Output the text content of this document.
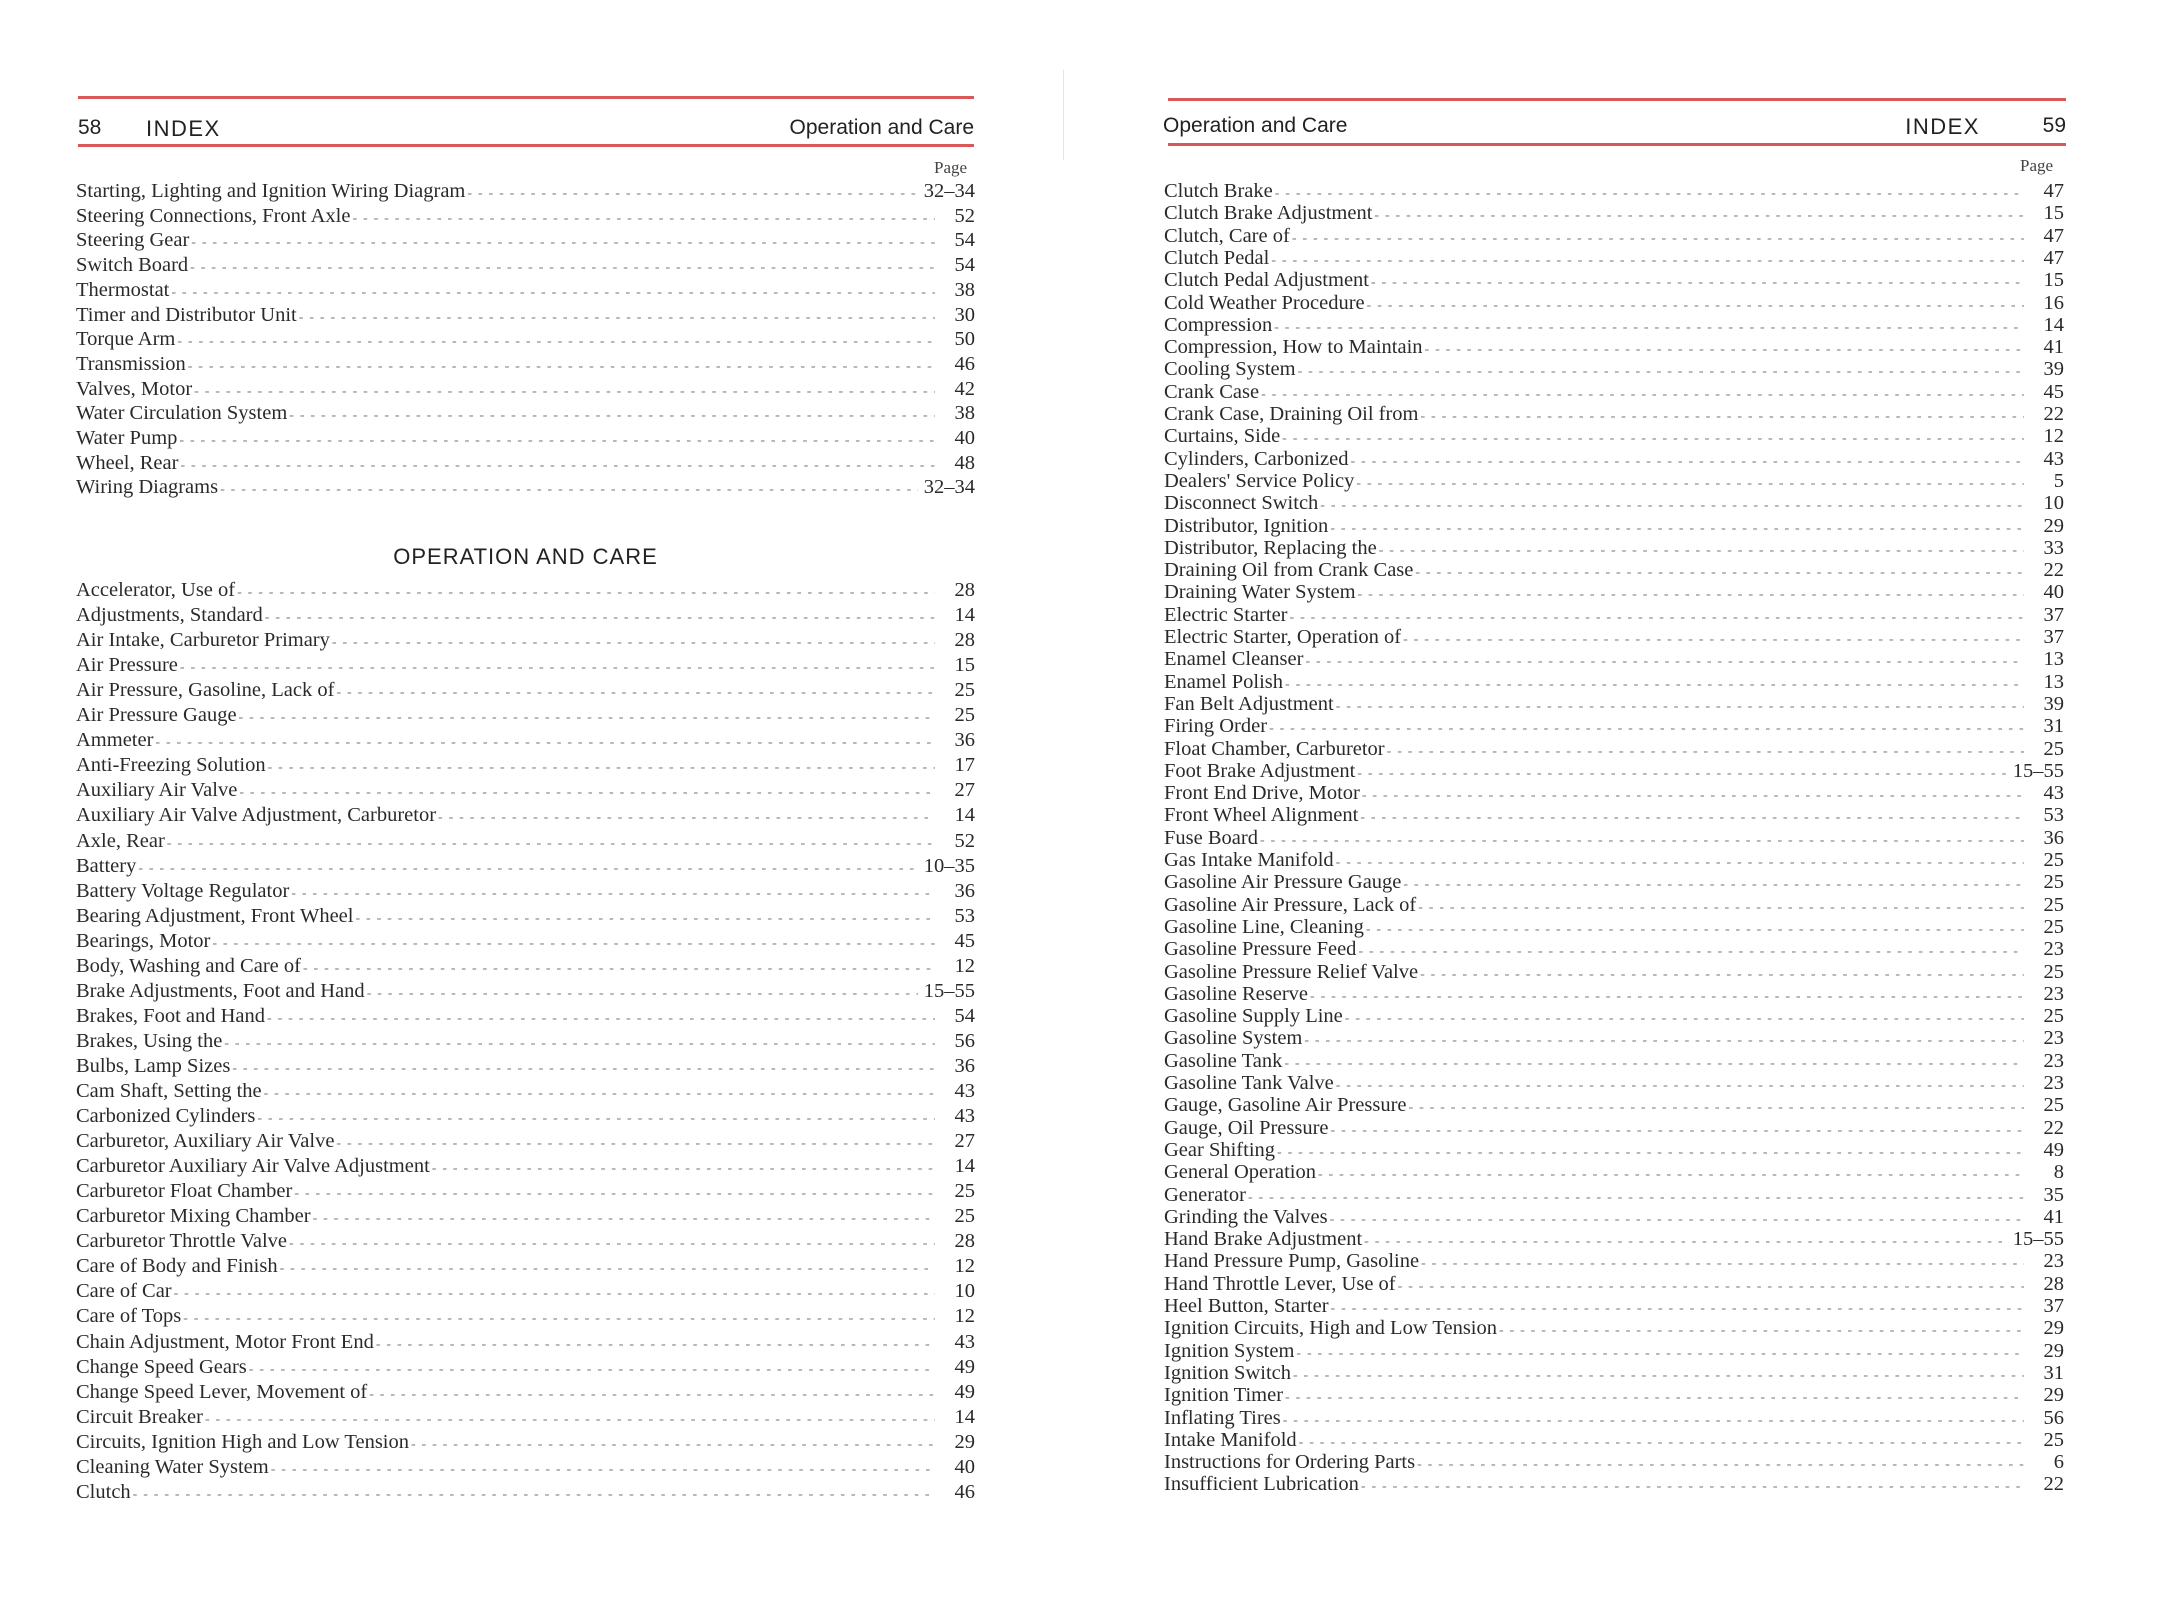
58 INDEX	Operation and Care
Page
Starting, Lighting and Ignition Wiring Diagram - - -	32–34
Steering Connections, Front Axle - - -	52
Steering Gear - - -	54
Switch Board - - -	54
Thermostat - - -	38
Timer and Distributor Unit - - -	30
Torque Arm - - -	50
Transmission - - -	46
Valves, Motor - - -	42
Water Circulation System - - -	38
Water Pump - - -	40
Wheel, Rear - - -	48
Wiring Diagrams - - -	32–34
OPERATION AND CARE
Accelerator, Use of - - -	28
Adjustments, Standard - - -	14
Air Intake, Carburetor Primary - - -	28
Air Pressure - - -	15
Air Pressure, Gasoline, Lack of - - -	25
Air Pressure Gauge - - -	25
Ammeter - - -	36
Anti-Freezing Solution - - -	17
Auxiliary Air Valve - - -	27
Auxiliary Air Valve Adjustment, Carburetor - - -	14
Axle, Rear - - -	52
Battery - - -	10–35
Battery Voltage Regulator - - -	36
Bearing Adjustment, Front Wheel - - -	53
Bearings, Motor - - -	45
Body, Washing and Care of - - -	12
Brake Adjustments, Foot and Hand - - -	15–55
Brakes, Foot and Hand - - -	54
Brakes, Using the - - -	56
Bulbs, Lamp Sizes - - -	36
Cam Shaft, Setting the - - -	43
Carbonized Cylinders - - -	43
Carburetor, Auxiliary Air Valve - - -	27
Carburetor Auxiliary Air Valve Adjustment - - -	14
Carburetor Float Chamber - - -	25
Carburetor Mixing Chamber - - -	25
Carburetor Throttle Valve - - -	28
Care of Body and Finish - - -	12
Care of Car - - -	10
Care of Tops - - -	12
Chain Adjustment, Motor Front End - - -	43
Change Speed Gears - - -	49
Change Speed Lever, Movement of - - -	49
Circuit Breaker - - -	14
Circuits, Ignition High and Low Tension - - -	29
Cleaning Water System - - -	40
Clutch - - -	46
Operation and Care	INDEX	59
Page
Clutch Brake - - -	47
Clutch Brake Adjustment - - -	15
Clutch, Care of - - -	47
Clutch Pedal - - -	47
Clutch Pedal Adjustment - - -	15
Cold Weather Procedure - - -	16
Compression - - -	14
Compression, How to Maintain - - -	41
Cooling System - - -	39
Crank Case - - -	45
Crank Case, Draining Oil from - - -	22
Curtains, Side - - -	12
Cylinders, Carbonized - - -	43
Dealers' Service Policy - - -	5
Disconnect Switch - - -	10
Distributor, Ignition - - -	29
Distributor, Replacing the - - -	33
Draining Oil from Crank Case - - -	22
Draining Water System - - -	40
Electric Starter - - -	37
Electric Starter, Operation of - - -	37
Enamel Cleanser - - -	13
Enamel Polish - - -	13
Fan Belt Adjustment - - -	39
Firing Order - - -	31
Float Chamber, Carburetor - - -	25
Foot Brake Adjustment - - -	15–55
Front End Drive, Motor - - -	43
Front Wheel Alignment - - -	53
Fuse Board - - -	36
Gas Intake Manifold - - -	25
Gasoline Air Pressure Gauge - - -	25
Gasoline Air Pressure, Lack of - - -	25
Gasoline Line, Cleaning - - -	25
Gasoline Pressure Feed - - -	23
Gasoline Pressure Relief Valve - - -	25
Gasoline Reserve - - -	23
Gasoline Supply Line - - -	25
Gasoline System - - -	23
Gasoline Tank - - -	23
Gasoline Tank Valve - - -	23
Gauge, Gasoline Air Pressure - - -	25
Gauge, Oil Pressure - - -	22
Gear Shifting - - -	49
General Operation - - -	8
Generator - - -	35
Grinding the Valves - - -	41
Hand Brake Adjustment - - -	15–55
Hand Pressure Pump, Gasoline - - -	23
Hand Throttle Lever, Use of - - -	28
Heel Button, Starter - - -	37
Ignition Circuits, High and Low Tension - - -	29
Ignition System - - -	29
Ignition Switch - - -	31
Ignition Timer - - -	29
Inflating Tires - - -	56
Intake Manifold - - -	25
Instructions for Ordering Parts - - -	6
Insufficient Lubrication - - -	22
